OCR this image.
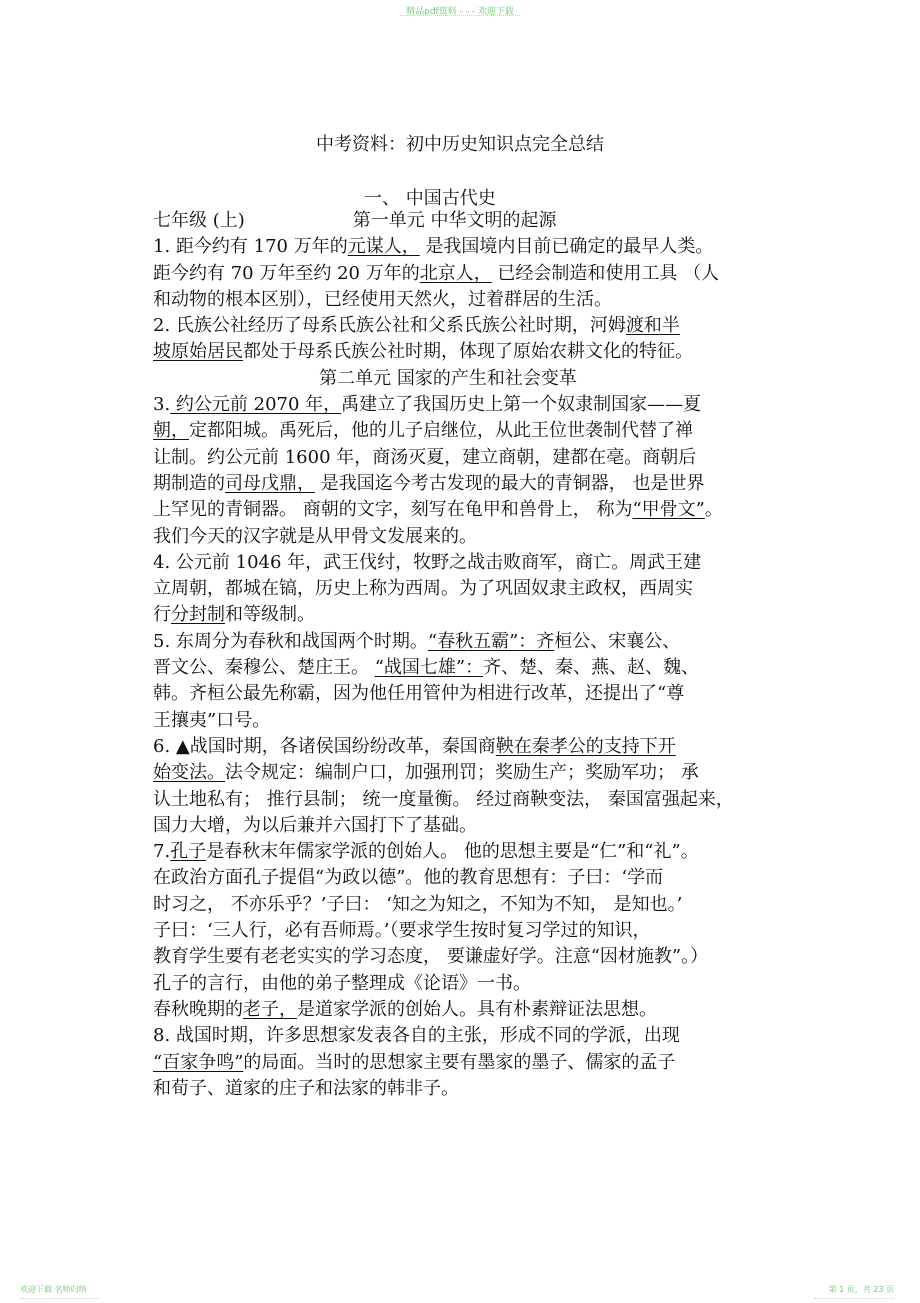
精品pdf资料 - - - 欢迎下载
中考资料：初中历史知识点完全总结
一、 中国古代史
七年级 (上)	第一单元 中华文明的起源
1. 距今约有 170 万年的元谋人， 是我国境内目前已确定的最早人类。
距今约有 70 万年至约 20 万年的北京人， 已经会制造和使用工具 （人
和动物的根本区别），已经使用天然火，过着群居的生活。
2. 氏族公社经历了母系氏族公社和父系氏族公社时期，河姆渡和半
坡原始居民都处于母系氏族公社时期，体现了原始农耕文化的特征。
第二单元 国家的产生和社会变革
3. 约公元前 2070 年，禹建立了我国历史上第一个奴隶制国家——夏
朝，定都阳城。禹死后，他的儿子启继位，从此王位世袭制代替了禅
让制。约公元前 1600 年，商汤灭夏，建立商朝，建都在亳。商朝后
期制造的司母戊鼎， 是我国迄今考古发现的最大的青铜器， 也是世界
上罕见的青铜器。 商朝的文字，刻写在龟甲和兽骨上， 称为“甲骨文”。
我们今天的汉字就是从甲骨文发展来的。
4. 公元前 1046 年，武王伐纣，牧野之战击败商军，商亡。周武王建
立周朝，都城在镐，历史上称为西周。为了巩固奴隶主政权，西周实
行分封制和等级制。
5. 东周分为春秋和战国两个时期。“春秋五霸”：齐桓公、宋襄公、
晋文公、秦穆公、楚庄王。 “战国七雄”：齐、楚、秦、燕、赵、魏、
韩。齐桓公最先称霸，因为他任用管仲为相进行改革，还提出了“尊
王攘夷”口号。
6. ▲战国时期，各诸侯国纷纷改革，秦国商鞅在秦孝公的支持下开
始变法。法令规定：编制户口，加强刑罚；奖励生产；奖励军功； 承
认土地私有； 推行县制； 统一度量衡。 经过商鞅变法， 秦国富强起来，
国力大增，为以后兼并六国打下了基础。
7.孔子是春秋末年儒家学派的创始人。 他的思想主要是“仁”和“礼”。
在政治方面孔子提倡“为政以德”。他的教育思想有：子曰：‘学而
时习之， 不亦乐乎？’子曰： ‘知之为知之，不知为不知， 是知也。’
子曰：‘三人行，必有吾师焉。’（要求学生按时复习学过的知识，
教育学生要有老老实实的学习态度， 要谦虚好学。注意“因材施教”。）
孔子的言行，由他的弟子整理成《论语》一书。
春秋晚期的老子，是道家学派的创始人。具有朴素辩证法思想。
8. 战国时期，许多思想家发表各自的主张，形成不同的学派，出现
“百家争鸣”的局面。当时的思想家主要有墨家的墨子、儒家的孟子
和荀子、道家的庄子和法家的韩非子。
欢迎下载 名师归纳	第 1 页，共 23 页
